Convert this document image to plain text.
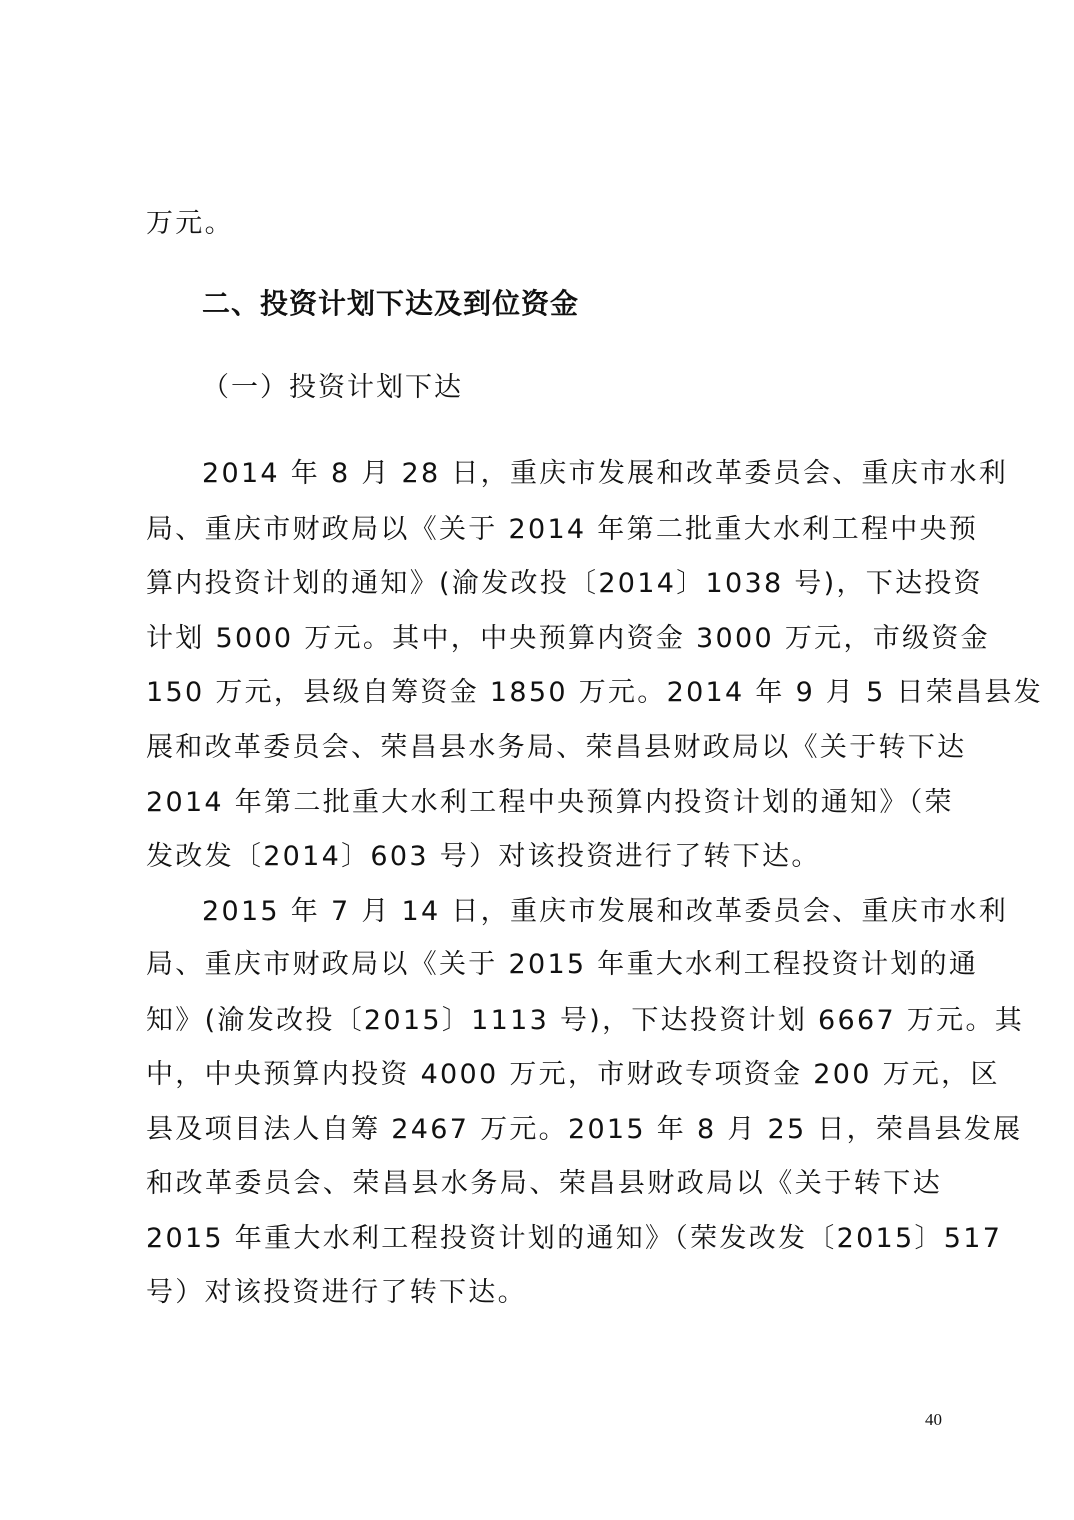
万元。
二、投资计划下达及到位资金
（一）投资计划下达
2014 年 8 月 28 日，重庆市发展和改革委员会、重庆市水利
局、重庆市财政局以《关于 2014 年第二批重大水利工程中央预
算内投资计划的通知》(渝发改投〔2014〕1038 号)，下达投资
计划 5000 万元。其中，中央预算内资金 3000 万元，市级资金
150 万元，县级自筹资金 1850 万元。2014 年 9 月 5 日荣昌县发
展和改革委员会、荣昌县水务局、荣昌县财政局以《关于转下达
2014 年第二批重大水利工程中央预算内投资计划的通知》（荣
发改发〔2014〕603 号）对该投资进行了转下达。
2015 年 7 月 14 日，重庆市发展和改革委员会、重庆市水利
局、重庆市财政局以《关于 2015 年重大水利工程投资计划的通
知》(渝发改投〔2015〕1113 号)，下达投资计划 6667 万元。其
中，中央预算内投资 4000 万元，市财政专项资金 200 万元，区
县及项目法人自筹 2467 万元。2015 年 8 月 25 日，荣昌县发展
和改革委员会、荣昌县水务局、荣昌县财政局以《关于转下达
2015 年重大水利工程投资计划的通知》（荣发改发〔2015〕517
号）对该投资进行了转下达。
40
